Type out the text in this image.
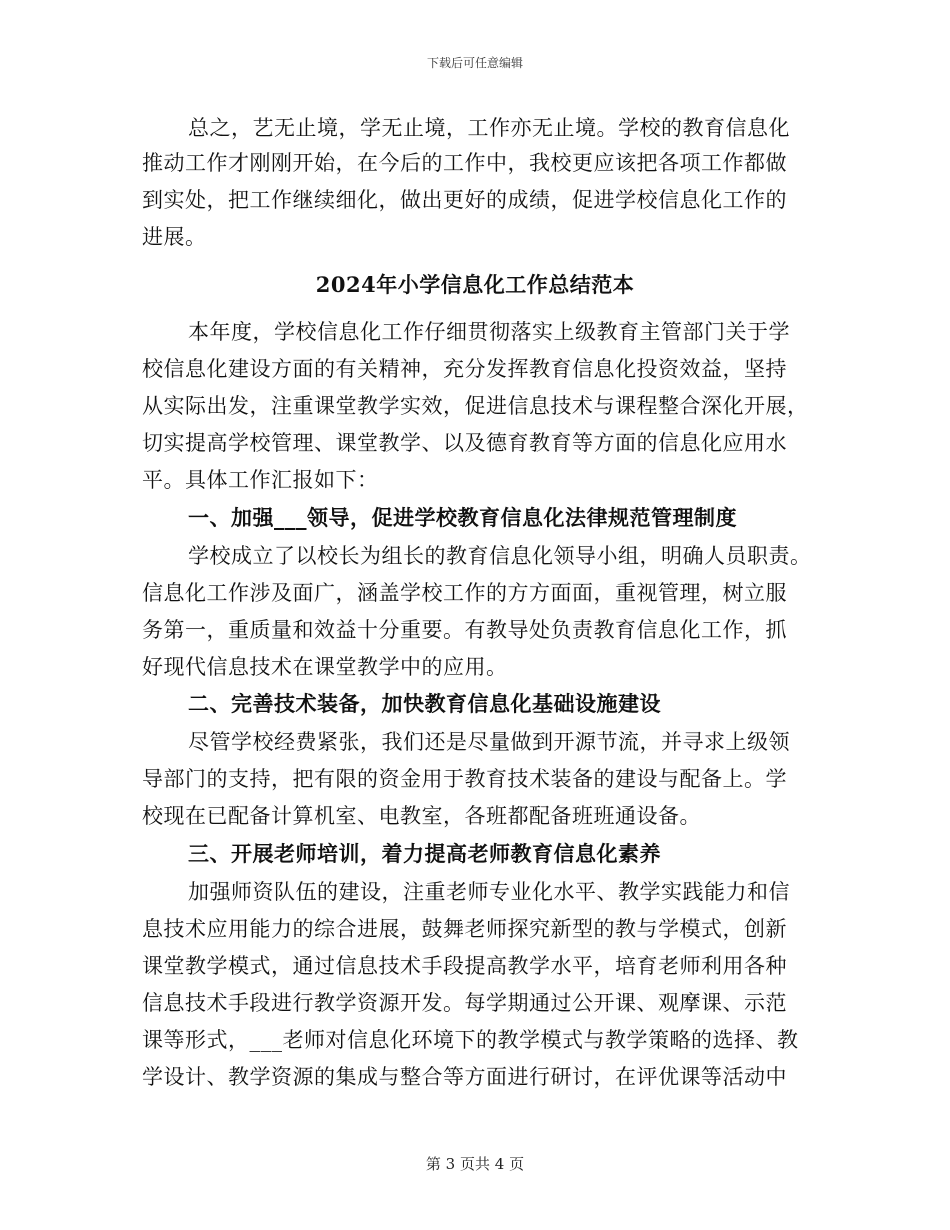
下载后可任意编辑
总之，艺无止境，学无止境，工作亦无止境。学校的教育信息化
推动工作才刚刚开始，在今后的工作中，我校更应该把各项工作都做
到实处，把工作继续细化，做出更好的成绩，促进学校信息化工作的
进展。
2024年小学信息化工作总结范本
本年度，学校信息化工作仔细贯彻落实上级教育主管部门关于学
校信息化建设方面的有关精神，充分发挥教育信息化投资效益，坚持
从实际出发，注重课堂教学实效，促进信息技术与课程整合深化开展，
切实提高学校管理、课堂教学、以及德育教育等方面的信息化应用水
平。具体工作汇报如下：
一、加强___领导，促进学校教育信息化法律规范管理制度
学校成立了以校长为组长的教育信息化领导小组，明确人员职责。
信息化工作涉及面广，涵盖学校工作的方方面面，重视管理，树立服
务第一，重质量和效益十分重要。有教导处负责教育信息化工作，抓
好现代信息技术在课堂教学中的应用。
二、完善技术装备，加快教育信息化基础设施建设
尽管学校经费紧张，我们还是尽量做到开源节流，并寻求上级领
导部门的支持，把有限的资金用于教育技术装备的建设与配备上。学
校现在已配备计算机室、电教室，各班都配备班班通设备。
三、开展老师培训，着力提高老师教育信息化素养
加强师资队伍的建设，注重老师专业化水平、教学实践能力和信
息技术应用能力的综合进展，鼓舞老师探究新型的教与学模式，创新
课堂教学模式，通过信息技术手段提高教学水平，培育老师利用各种
信息技术手段进行教学资源开发。每学期通过公开课、观摩课、示范
课等形式，___老师对信息化环境下的教学模式与教学策略的选择、教
学设计、教学资源的集成与整合等方面进行研讨，在评优课等活动中
第 3 页共 4 页
